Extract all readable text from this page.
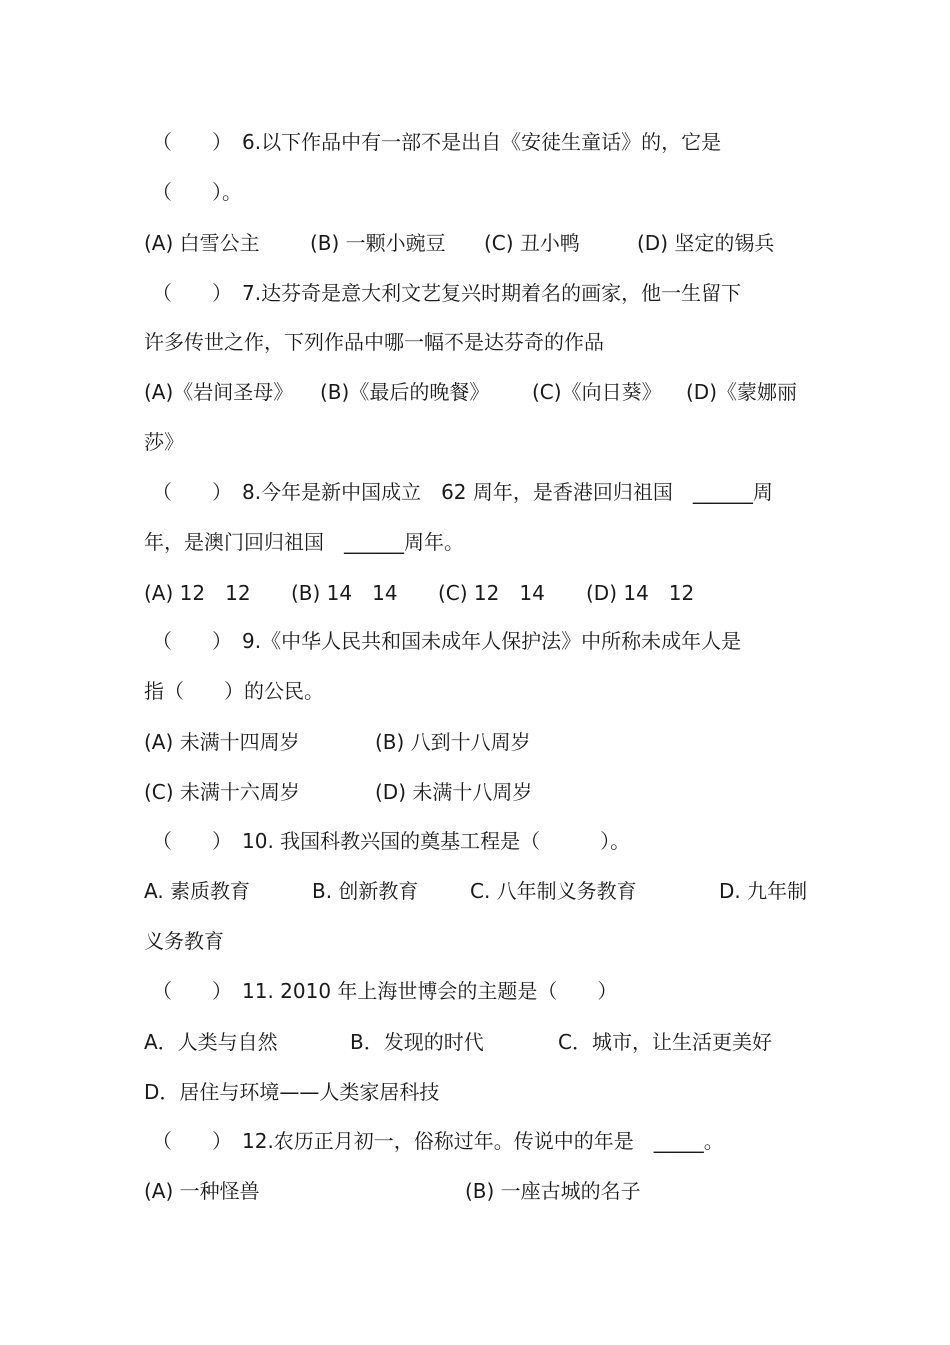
（　　）　6.以下作品中有一部不是出自《安徒生童话》的，它是
（　　）。
(A) 白雪公主	(B) 一颗小豌豆 (C) 丑小鸭	(D) 坚定的锡兵
（　　）　7.达芬奇是意大利文艺复兴时期着名的画家，他一生留下
许多传世之作，下列作品中哪一幅不是达芬奇的作品
(A)《岩间圣母》 (B)《最后的晚餐》 (C)《向日葵》 (D)《蒙娜丽
莎》
（　　）　8.今年是新中国成立　62 周年，是香港回归祖国　______周
年，是澳门回归祖国　______周年。
(A) 12　12 (B) 14　14 (C) 12　14 (D) 14　12
（　　）　9.《中华人民共和国未成年人保护法》中所称未成年人是
指（　　）的公民。
(A) 未满十四周岁	(B) 八到十八周岁
(C) 未满十六周岁	(D) 未满十八周岁
（　　）　10. 我国科教兴国的奠基工程是（　　　）。
A. 素质教育	B. 创新教育	C. 八年制义务教育	D. 九年制
义务教育
（　　）　11. 2010 年上海世博会的主题是（　　）
A．人类与自然	B．发现的时代	C．城市，让生活更美好
D．居住与环境——人类家居科技
（　　）　12.农历正月初一，俗称过年。传说中的年是　_____。
(A) 一种怪兽	(B) 一座古城的名子
